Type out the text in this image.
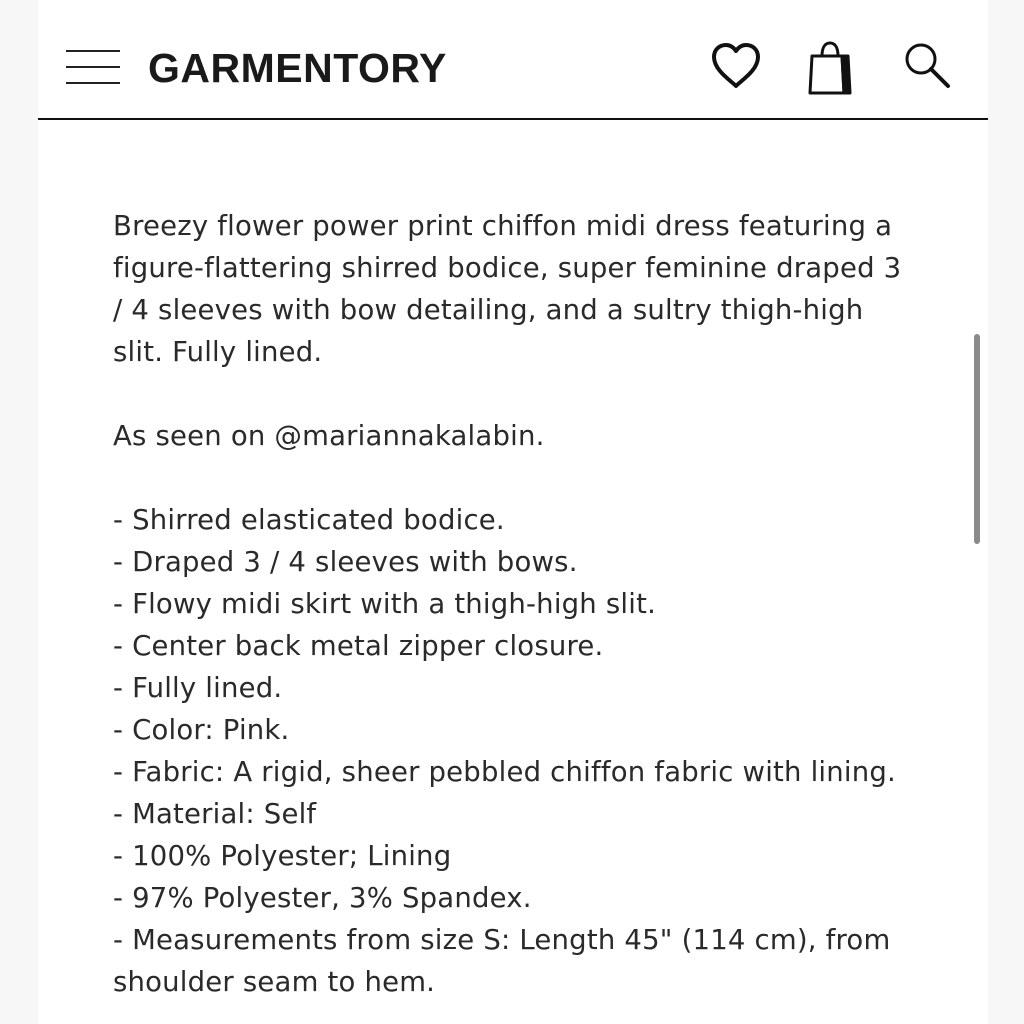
GARMENTORY

Breezy flower power print chiffon midi dress featuring a figure-flattering shirred bodice, super feminine draped 3 / 4 sleeves with bow detailing, and a sultry thigh-high slit. Fully lined.

As seen on @mariannakalabin.

- Shirred elasticated bodice.

- Draped 3 / 4 sleeves with bows.

- Flowy midi skirt with a thigh-high slit.

- Center back metal zipper closure.

- Fully lined.

- Color: Pink.

- Fabric: A rigid, sheer pebbled chiffon fabric with lining.

- Material: Self

- 100% Polyester; Lining

- 97% Polyester, 3% Spandex.

- Measurements from size S: Length 45" (114 cm), from shoulder seam to hem.
